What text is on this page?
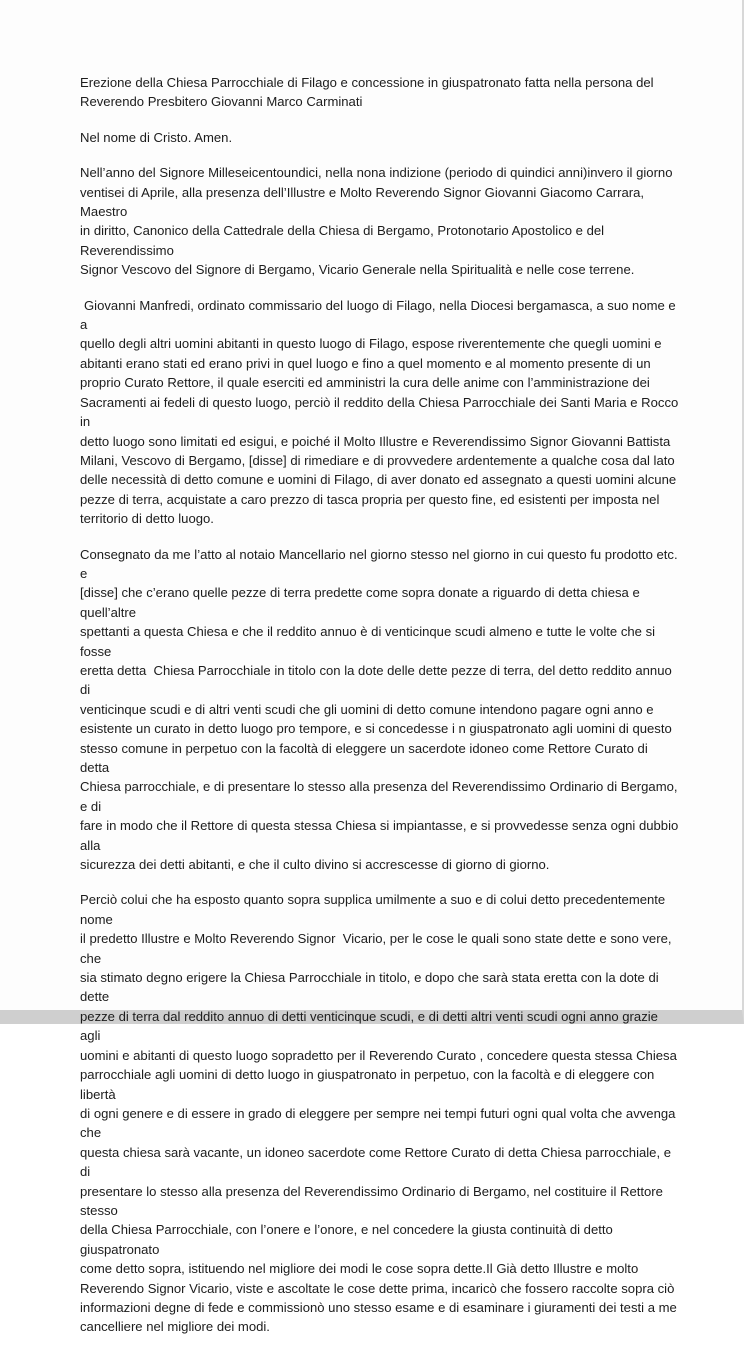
Erezione della Chiesa Parrocchiale di Filago e concessione in giuspatronato fatta nella persona del
Reverendo Presbitero Giovanni Marco Carminati

Nel nome di Cristo. Amen.

Nell’anno del Signore Milleseicentoundici, nella nona indizione (periodo di quindici anni)invero il giorno
ventisei di Aprile, alla presenza dell’Illustre e Molto Reverendo Signor Giovanni Giacomo Carrara, Maestro
in diritto, Canonico della Cattedrale della Chiesa di Bergamo, Protonotario Apostolico e del Reverendissimo
Signor Vescovo del Signore di Bergamo, Vicario Generale nella Spiritualità e nelle cose terrene.

Giovanni Manfredi, ordinato commissario del luogo di Filago, nella Diocesi bergamasca, a suo nome e a
quello degli altri uomini abitanti in questo luogo di Filago, espose riverentemente che quegli uomini e
abitanti erano stati ed erano privi in quel luogo e fino a quel momento e al momento presente di un
proprio Curato Rettore, il quale eserciti ed amministri la cura delle anime con l’amministrazione dei
Sacramenti ai fedeli di questo luogo, perciò il reddito della Chiesa Parrocchiale dei Santi Maria e Rocco in
detto luogo sono limitati ed esigui, e poiché il Molto Illustre e Reverendissimo Signor Giovanni Battista
Milani, Vescovo di Bergamo, [disse] di rimediare e di provvedere ardentemente a qualche cosa dal lato
delle necessità di detto comune e uomini di Filago, di aver donato ed assegnato a questi uomini alcune
pezze di terra, acquistate a caro prezzo di tasca propria per questo fine, ed esistenti per imposta nel
territorio di detto luogo.

Consegnato da me l’atto al notaio Mancellario nel giorno stesso nel giorno in cui questo fu prodotto etc. e
[disse] che c’erano quelle pezze di terra predette come sopra donate a riguardo di detta chiesa e quell’altre
spettanti a questa Chiesa e che il reddito annuo è di venticinque scudi almeno e tutte le volte che si fosse
eretta detta  Chiesa Parrocchiale in titolo con la dote delle dette pezze di terra, del detto reddito annuo di
venticinque scudi e di altri venti scudi che gli uomini di detto comune intendono pagare ogni anno e
esistente un curato in detto luogo pro tempore, e si concedesse i n giuspatronato agli uomini di questo
stesso comune in perpetuo con la facoltà di eleggere un sacerdote idoneo come Rettore Curato di detta
Chiesa parrocchiale, e di presentare lo stesso alla presenza del Reverendissimo Ordinario di Bergamo, e di
fare in modo che il Rettore di questa stessa Chiesa si impiantasse, e si provvedesse senza ogni dubbio alla
sicurezza dei detti abitanti, e che il culto divino si accrescesse di giorno di giorno.

Perciò colui che ha esposto quanto sopra supplica umilmente a suo e di colui detto precedentemente nome
il predetto Illustre e Molto Reverendo Signor  Vicario, per le cose le quali sono state dette e sono vere, che
sia stimato degno erigere la Chiesa Parrocchiale in titolo, e dopo che sarà stata eretta con la dote di dette
pezze di terra dal reddito annuo di detti venticinque scudi, e di detti altri venti scudi ogni anno grazie agli
uomini e abitanti di questo luogo sopradetto per il Reverendo Curato , concedere questa stessa Chiesa
parrocchiale agli uomini di detto luogo in giuspatronato in perpetuo, con la facoltà e di eleggere con libertà
di ogni genere e di essere in grado di eleggere per sempre nei tempi futuri ogni qual volta che avvenga che
questa chiesa sarà vacante, un idoneo sacerdote come Rettore Curato di detta Chiesa parrocchiale, e di
presentare lo stesso alla presenza del Reverendissimo Ordinario di Bergamo, nel costituire il Rettore stesso
della Chiesa Parrocchiale, con l’onere e l’onore, e nel concedere la giusta continuità di detto giuspatronato
come detto sopra, istituendo nel migliore dei modi le cose sopra dette.Il Già detto Illustre e molto
Reverendo Signor Vicario, viste e ascoltate le cose dette prima, incaricò che fossero raccolte sopra ciò
informazioni degne di fede e commissionò uno stesso esame e di esaminare i giuramenti dei testi a me
cancelliere nel migliore dei modi.
